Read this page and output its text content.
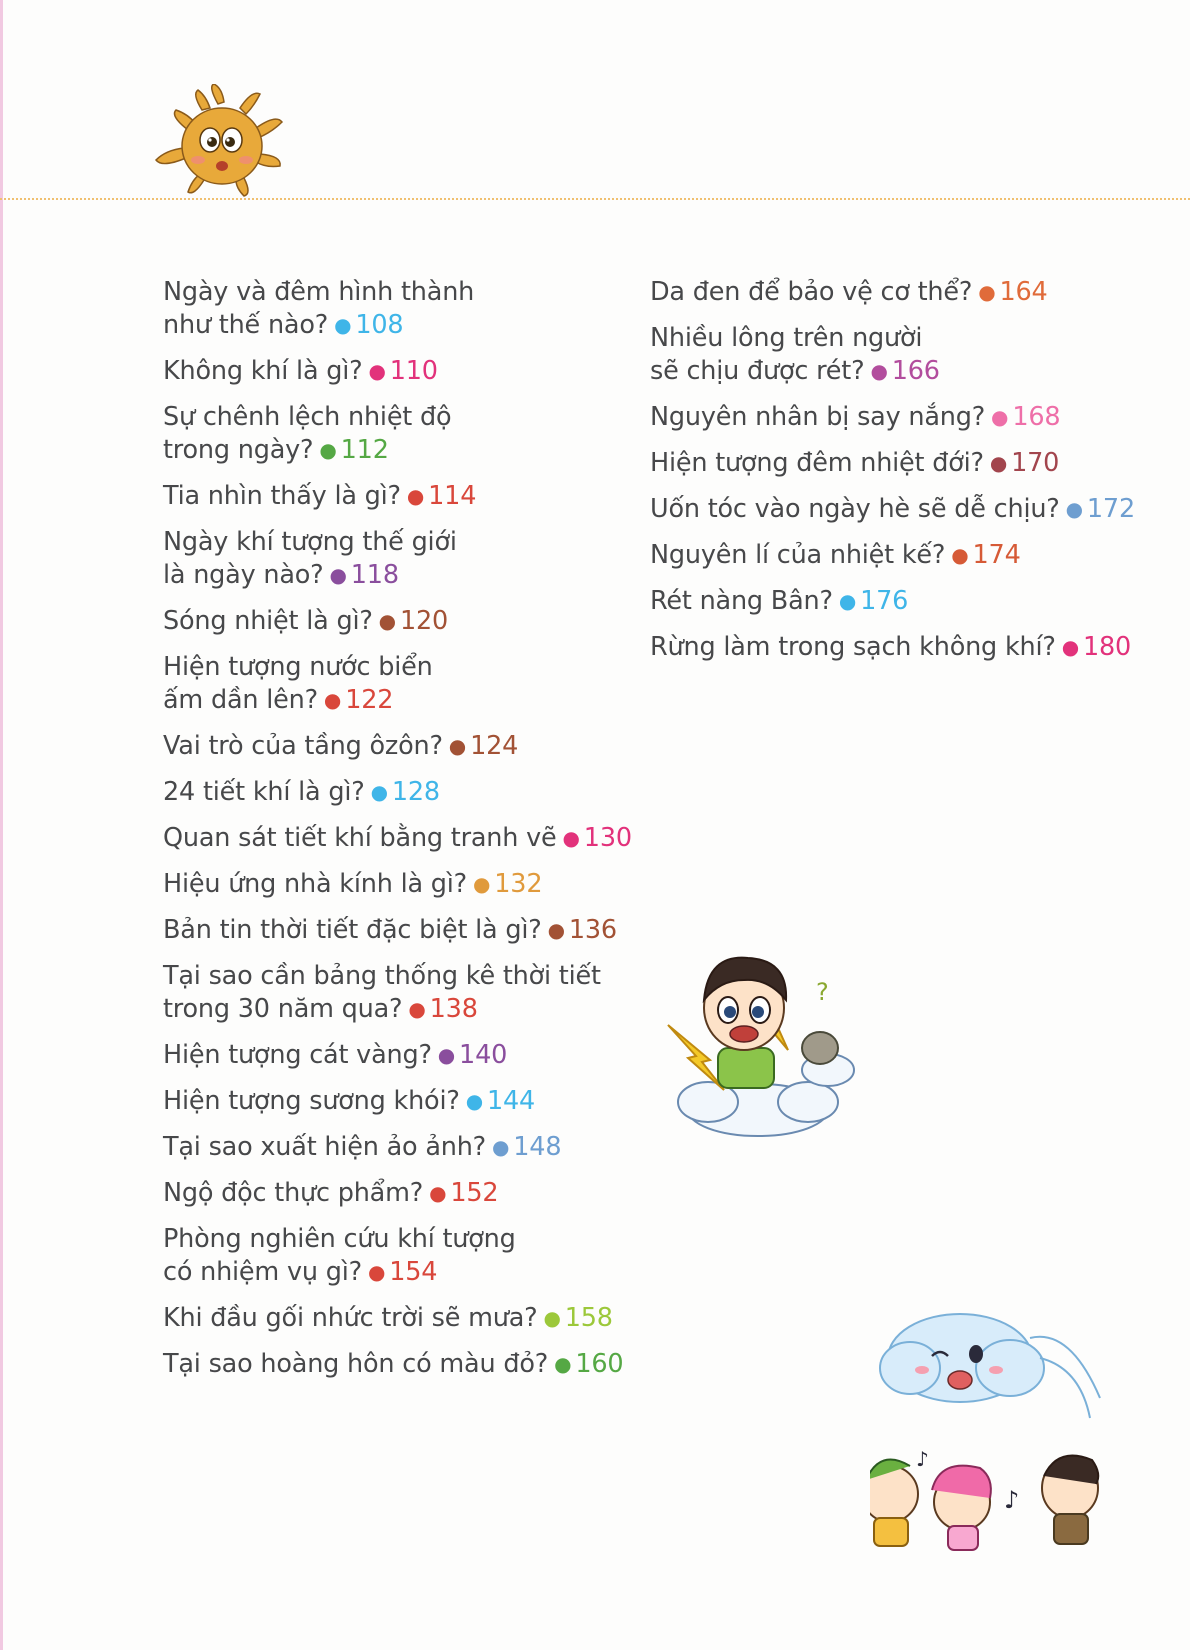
Ngày và đêm hình thành
như thế nào? ● 108
Không khí là gì? ● 110
Sự chênh lệch nhiệt độ
trong ngày? ● 112
Tia nhìn thấy là gì? ● 114
Ngày khí tượng thế giới
là ngày nào? ● 118
Sóng nhiệt là gì? ● 120
Hiện tượng nước biển
ấm dần lên? ● 122
Vai trò của tầng ôzôn? ● 124
24 tiết khí là gì? ● 128
Quan sát tiết khí bằng tranh vẽ ● 130
Hiệu ứng nhà kính là gì? ● 132
Bản tin thời tiết đặc biệt là gì? ● 136
Tại sao cần bảng thống kê thời tiết
trong 30 năm qua? ● 138
Hiện tượng cát vàng? ● 140
Hiện tượng sương khói? ● 144
Tại sao xuất hiện ảo ảnh? ● 148
Ngộ độc thực phẩm? ● 152
Phòng nghiên cứu khí tượng
có nhiệm vụ gì? ● 154
Khi đầu gối nhức trời sẽ mưa? ● 158
Tại sao hoàng hôn có màu đỏ? ● 160
Da đen để bảo vệ cơ thể? ● 164
Nhiều lông trên người
sẽ chịu được rét? ● 166
Nguyên nhân bị say nắng? ● 168
Hiện tượng đêm nhiệt đới? ● 170
Uốn tóc vào ngày hè sẽ dễ chịu? ● 172
Nguyên lí của nhiệt kế? ● 174
Rét nàng Bân? ● 176
Rừng làm trong sạch không khí? ● 180
?
♪
♪
